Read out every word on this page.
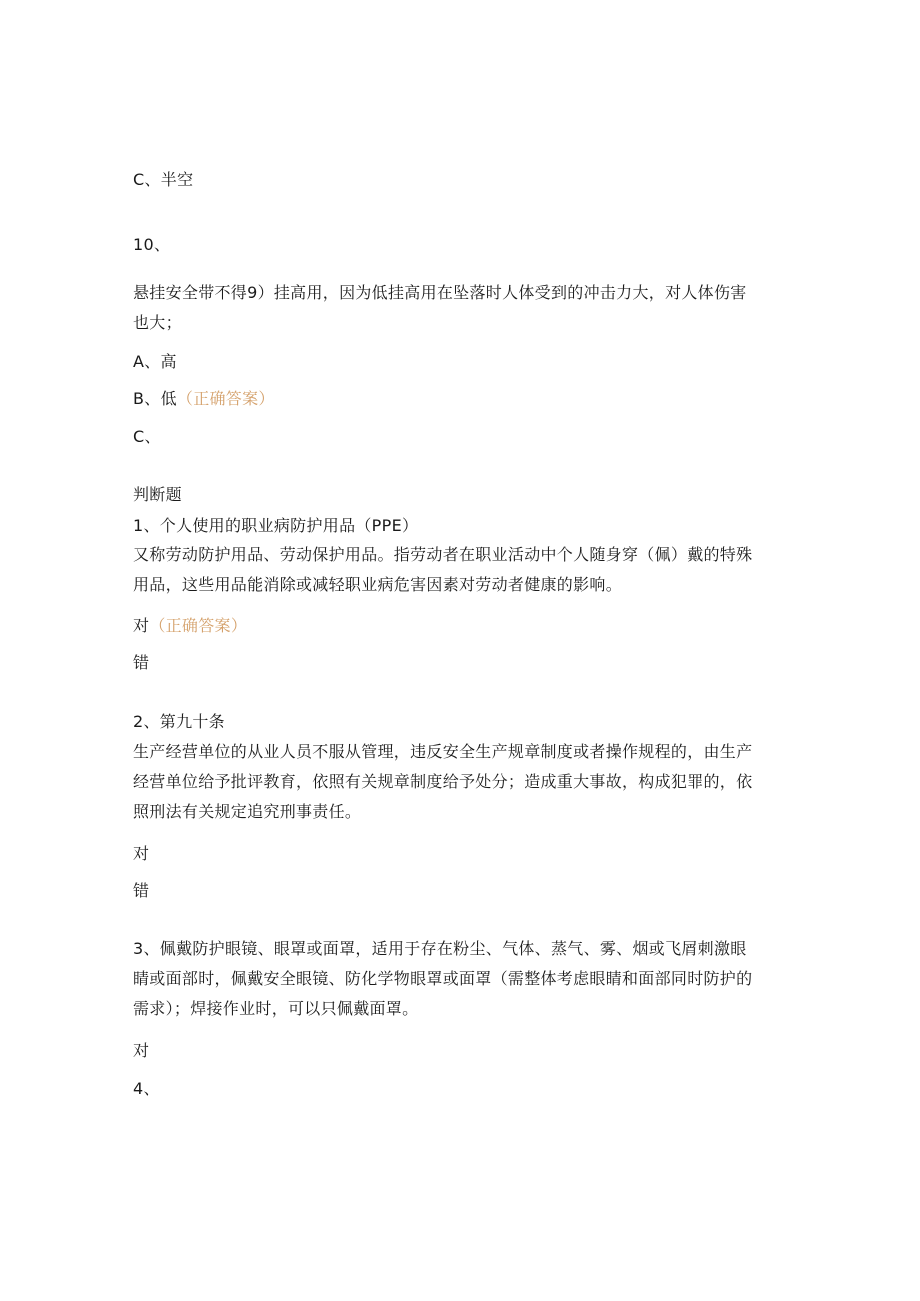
C、半空
10、
悬挂安全带不得9）挂高用，因为低挂高用在坠落时人体受到的冲击力大，对人体伤害
也大；
A、高
B、低（正确答案）
C、
判断题
1、个人使用的职业病防护用品（PPE）
又称劳动防护用品、劳动保护用品。指劳动者在职业活动中个人随身穿（佩）戴的特殊
用品，这些用品能消除或减轻职业病危害因素对劳动者健康的影响。
对（正确答案）
错
2、第九十条
生产经营单位的从业人员不服从管理，违反安全生产规章制度或者操作规程的，由生产
经营单位给予批评教育，依照有关规章制度给予处分；造成重大事故，构成犯罪的，依
照刑法有关规定追究刑事责任。
对
错
3、佩戴防护眼镜、眼罩或面罩，适用于存在粉尘、气体、蒸气、雾、烟或飞屑刺激眼
睛或面部时，佩戴安全眼镜、防化学物眼罩或面罩（需整体考虑眼睛和面部同时防护的
需求）；焊接作业时，可以只佩戴面罩。
对
4、
